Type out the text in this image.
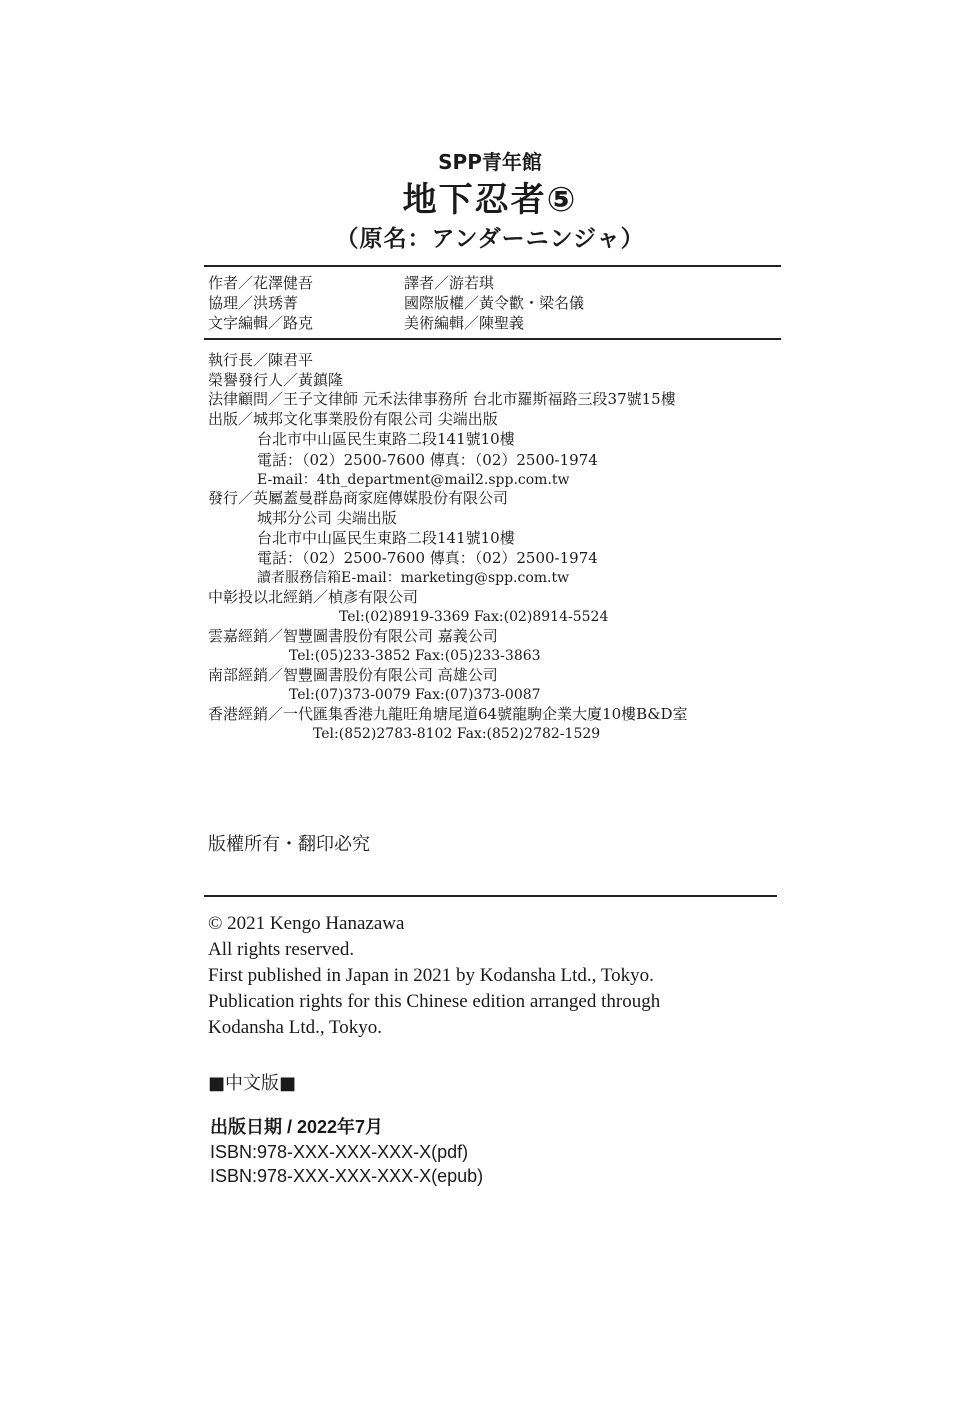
SPP青年館
地下忍者⑤
（原名：アンダーニンジャ）
作者／花澤健吾
協理／洪琇菁
文字編輯／路克
譯者／游若琪
國際版權／黃令歡・梁名儀
美術編輯／陳聖義
執行長／陳君平
榮譽發行人／黃鎮隆
法律顧問／王子文律師 元禾法律事務所 台北市羅斯福路三段37號15樓
出版／城邦文化事業股份有限公司 尖端出版
台北市中山區民生東路二段141號10樓
電話：（02）2500-7600 傳真：（02）2500-1974
E-mail：4th_department@mail2.spp.com.tw
發行／英屬蓋曼群島商家庭傳媒股份有限公司
城邦分公司 尖端出版
台北市中山區民生東路二段141號10樓
電話：（02）2500-7600 傳真：（02）2500-1974
讀者服務信箱E-mail：marketing@spp.com.tw
中彰投以北經銷／楨彥有限公司
Tel:(02)8919-3369 Fax:(02)8914-5524
雲嘉經銷／智豐圖書股份有限公司 嘉義公司
Tel:(05)233-3852 Fax:(05)233-3863
南部經銷／智豐圖書股份有限公司 高雄公司
Tel:(07)373-0079 Fax:(07)373-0087
香港經銷／一代匯集香港九龍旺角塘尾道64號龍駒企業大廈10樓B&D室
Tel:(852)2783-8102 Fax:(852)2782-1529
版權所有・翻印必究
© 2021 Kengo Hanazawa
All rights reserved.
First published in Japan in 2021 by Kodansha Ltd., Tokyo.
Publication rights for this Chinese edition arranged through
Kodansha Ltd., Tokyo.
■中文版■
出版日期 / 2022年7月
ISBN:978-XXX-XXX-XXX-X(pdf)
ISBN:978-XXX-XXX-XXX-X(epub)
